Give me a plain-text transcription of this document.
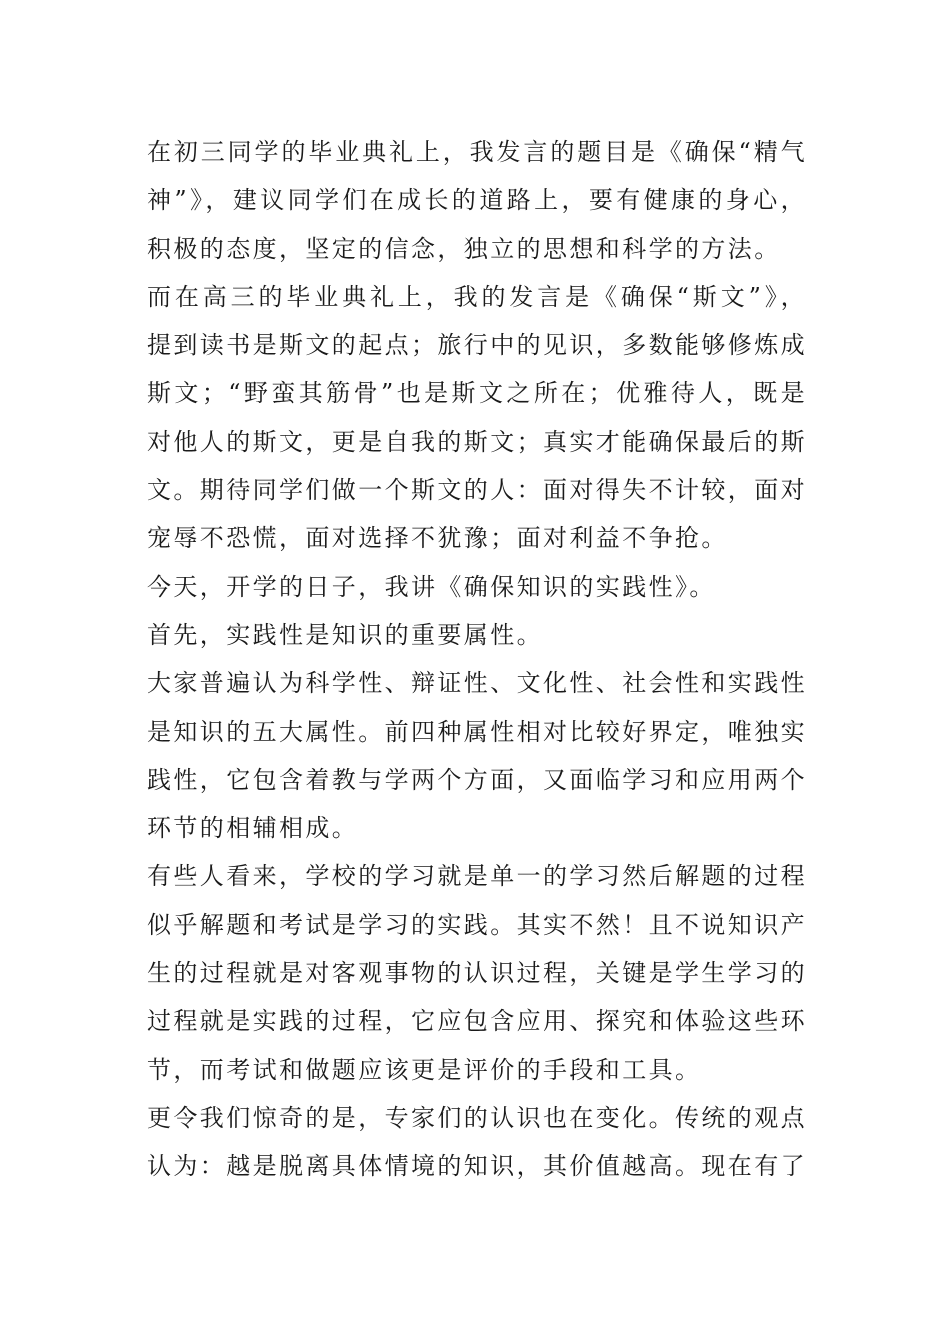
在初三同学的毕业典礼上，我发言的题目是《确保“精气
神”》，建议同学们在成长的道路上，要有健康的身心，
积极的态度，坚定的信念，独立的思想和科学的方法。
而在高三的毕业典礼上，我的发言是《确保“斯文”》，
提到读书是斯文的起点；旅行中的见识，多数能够修炼成
斯文；“野蛮其筋骨”也是斯文之所在；优雅待人，既是
对他人的斯文，更是自我的斯文；真实才能确保最后的斯
文。期待同学们做一个斯文的人：面对得失不计较，面对
宠辱不恐慌，面对选择不犹豫；面对利益不争抢。
今天，开学的日子，我讲《确保知识的实践性》。
首先，实践性是知识的重要属性。
大家普遍认为科学性、辩证性、文化性、社会性和实践性
是知识的五大属性。前四种属性相对比较好界定，唯独实
践性，它包含着教与学两个方面，又面临学习和应用两个
环节的相辅相成。
有些人看来，学校的学习就是单一的学习然后解题的过程
似乎解题和考试是学习的实践。其实不然！且不说知识产
生的过程就是对客观事物的认识过程，关键是学生学习的
过程就是实践的过程，它应包含应用、探究和体验这些环
节，而考试和做题应该更是评价的手段和工具。
更令我们惊奇的是，专家们的认识也在变化。传统的观点
认为：越是脱离具体情境的知识，其价值越高。现在有了
